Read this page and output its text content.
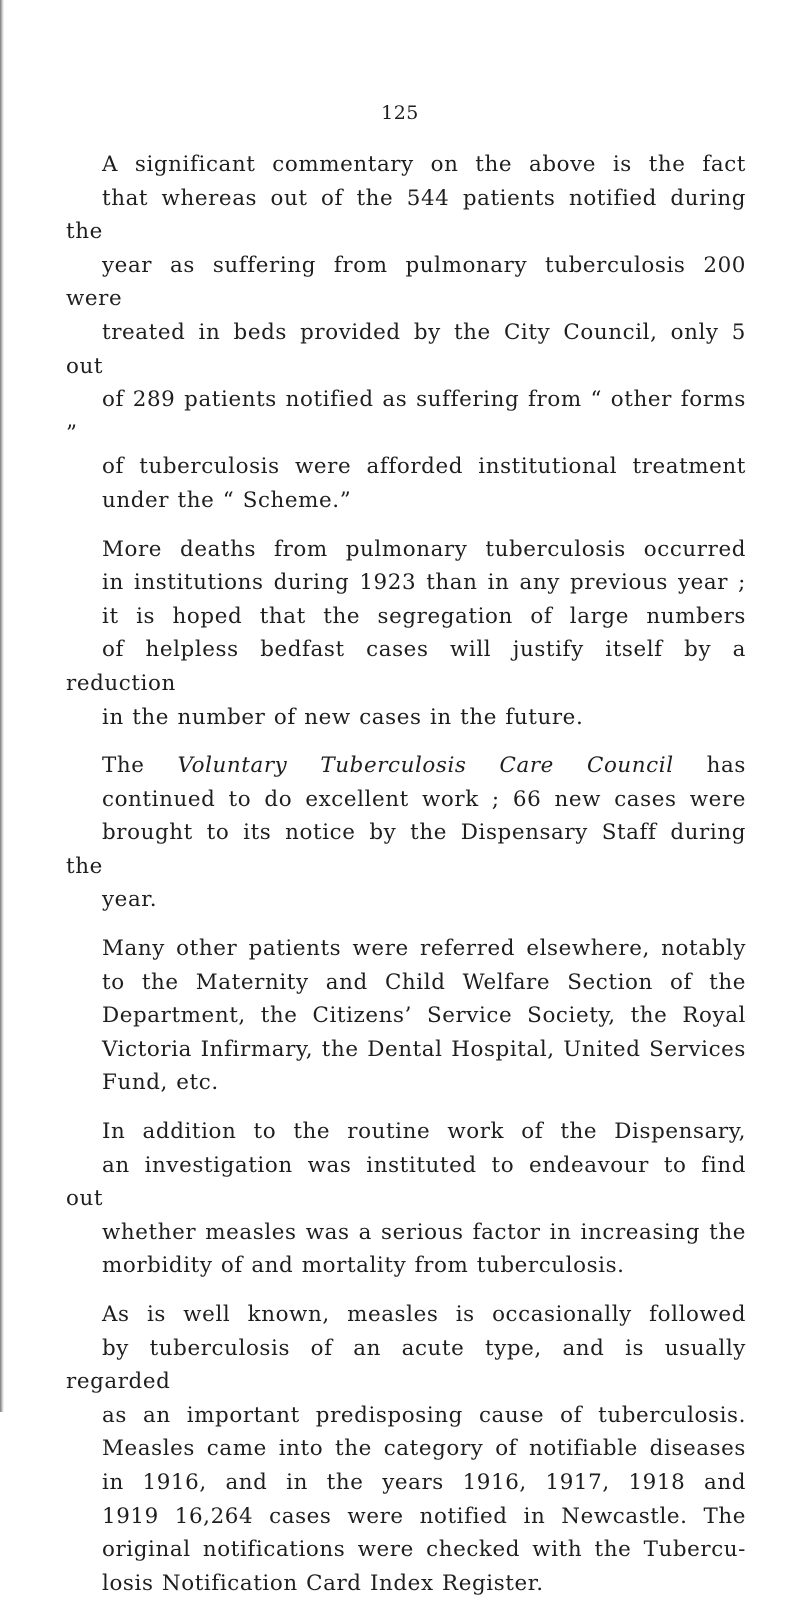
125

A significant commentary on the above is the fact
that whereas out of the 544 patients notified during the
year as suffering from pulmonary tuberculosis 200 were
treated in beds provided by the City Council, only 5 out
of 289 patients notified as suffering from “ other forms ”
of tuberculosis were afforded institutional treatment
under the “ Scheme.”

More deaths from pulmonary tuberculosis occurred
in institutions during 1923 than in any previous year ;
it is hoped that the segregation of large numbers
of helpless bedfast cases will justify itself by a reduction
in the number of new cases in the future.

The Voluntary Tuberculosis Care Council has
continued to do excellent work ; 66 new cases were
brought to its notice by the Dispensary Staff during the
year.

Many other patients were referred elsewhere, notably
to the Maternity and Child Welfare Section of the
Department, the Citizens’ Service Society, the Royal
Victoria Infirmary, the Dental Hospital, United Services
Fund, etc.

In addition to the routine work of the Dispensary,
an investigation was instituted to endeavour to find out
whether measles was a serious factor in increasing the
morbidity of and mortality from tuberculosis.

As is well known, measles is occasionally followed
by tuberculosis of an acute type, and is usually regarded
as an important predisposing cause of tuberculosis.
Measles came into the category of notifiable diseases
in 1916, and in the years 1916, 1917, 1918 and
1919 16,264 cases were notified in Newcastle. The
original notifications were checked with the Tubercu-
losis Notification Card Index Register.
